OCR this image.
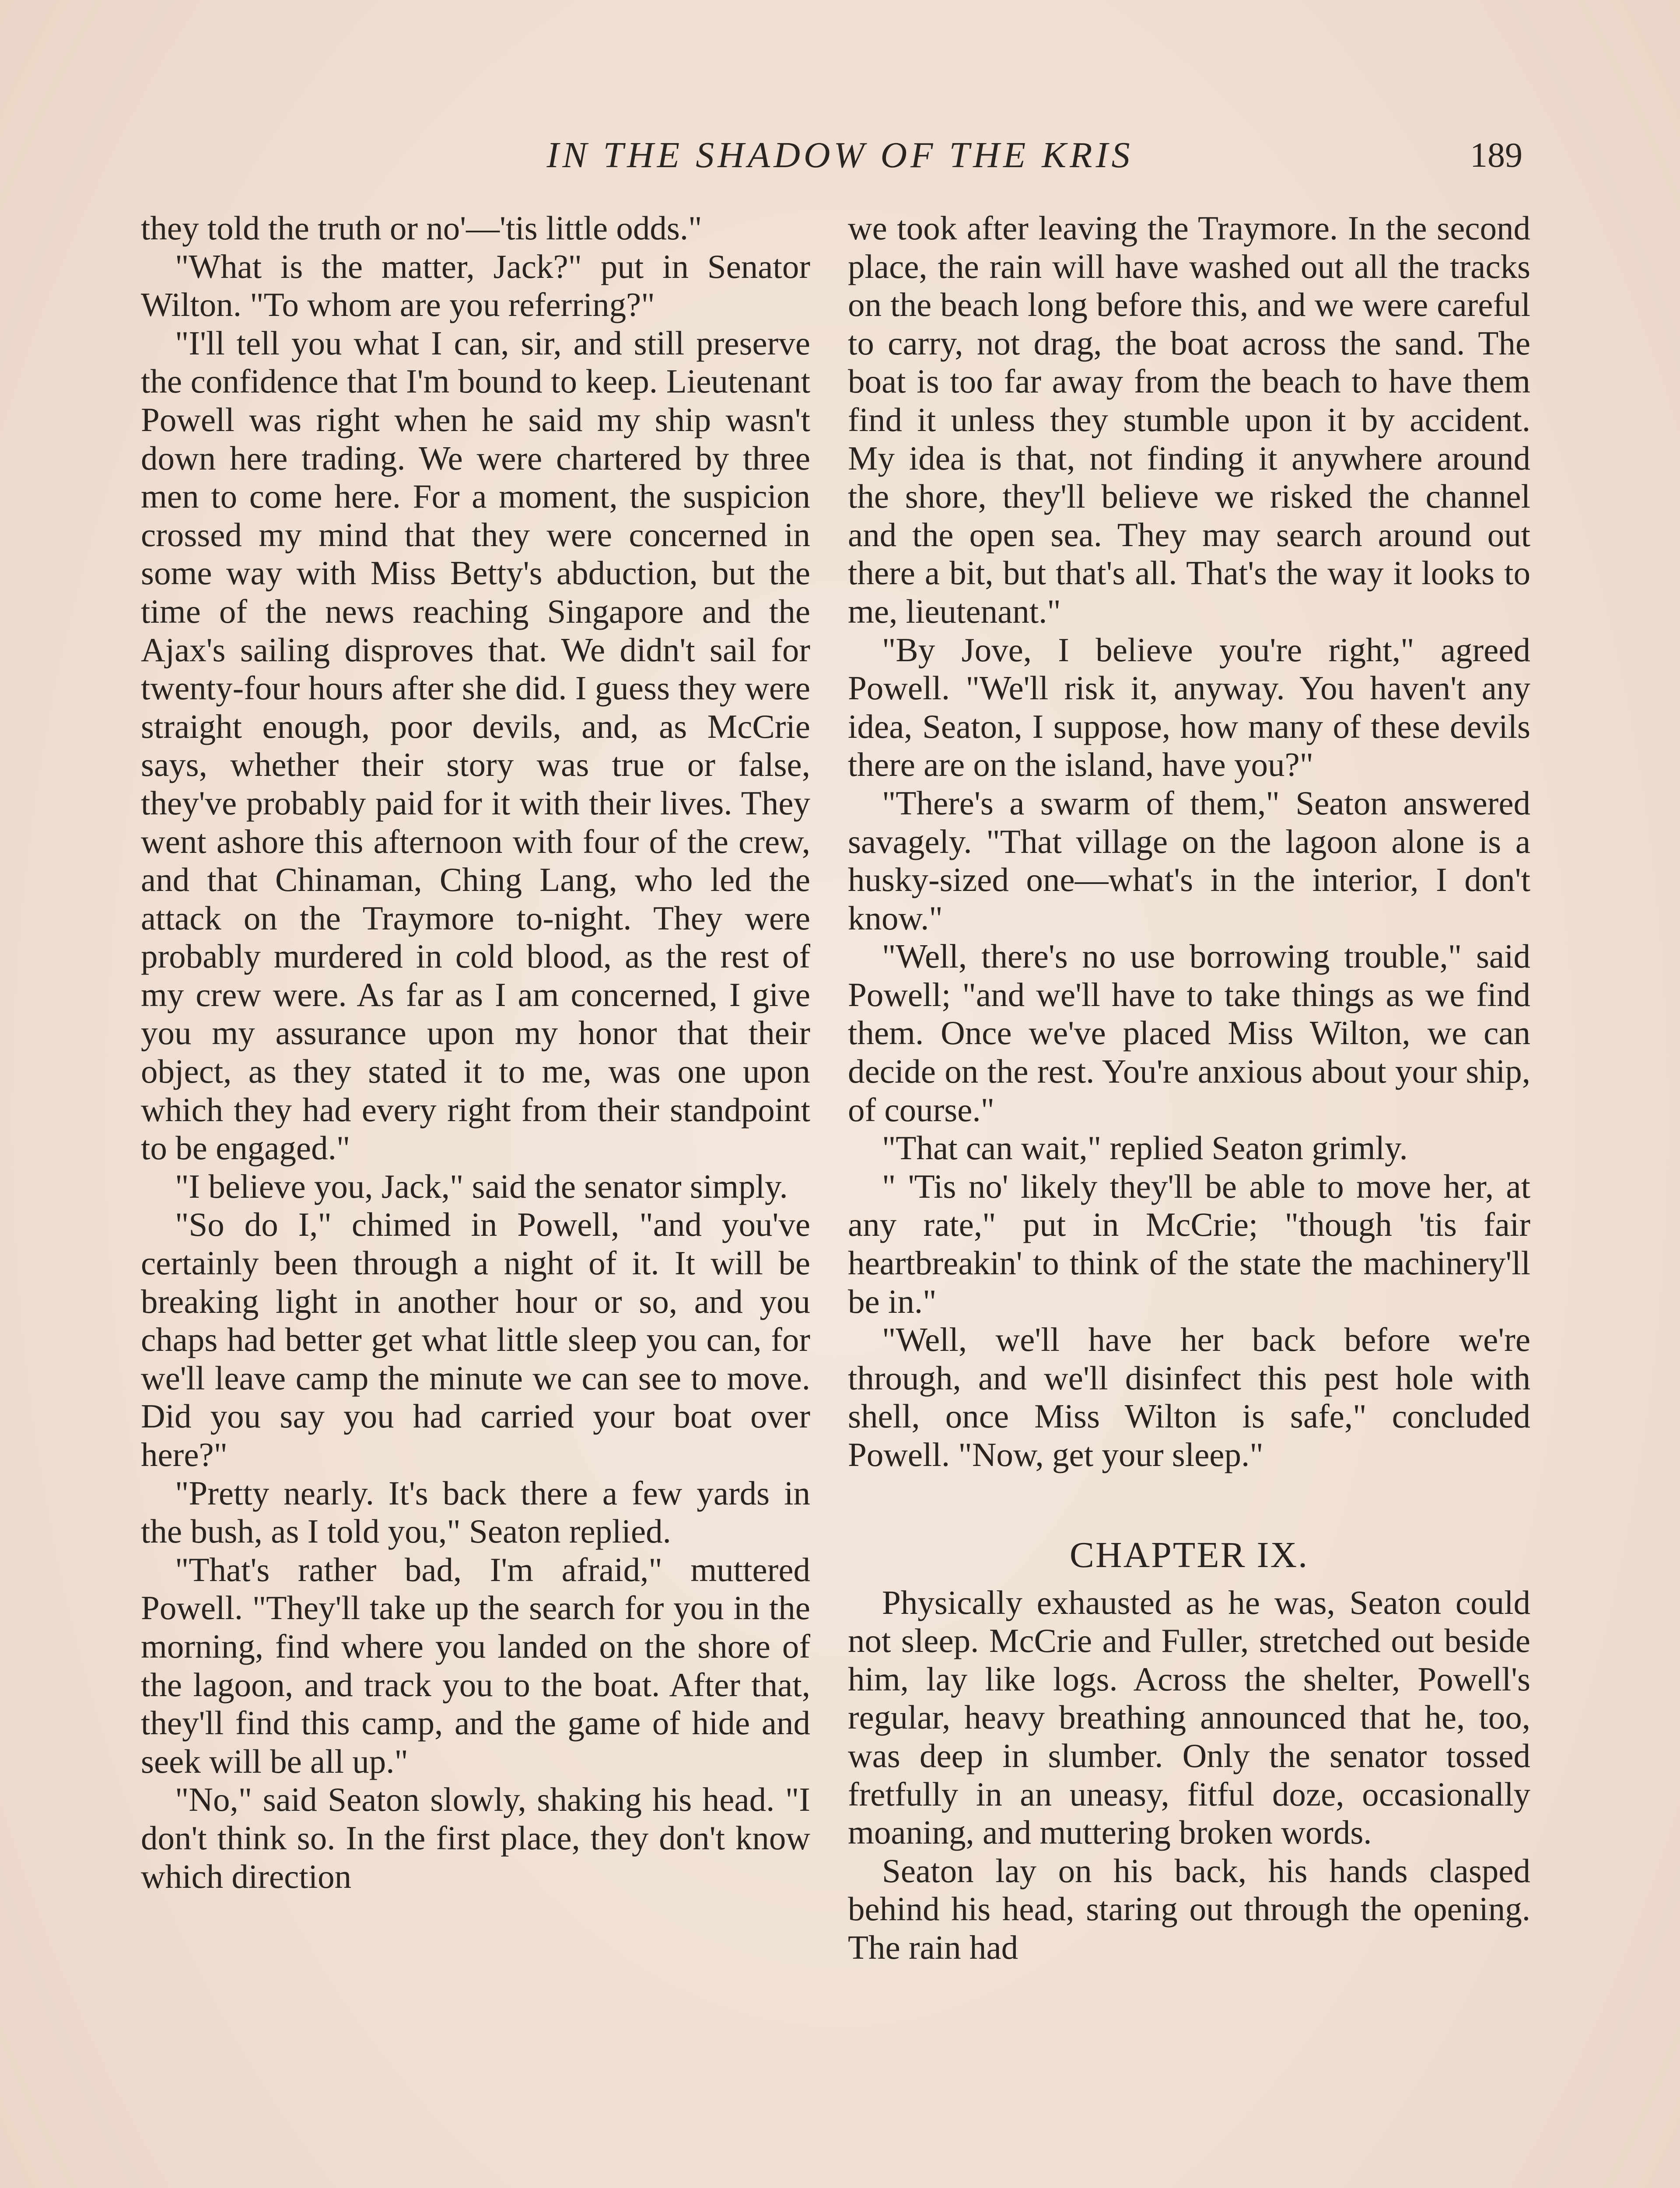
IN THE SHADOW OF THE KRIS	189

they told the truth or no'—'tis little odds."

"What is the matter, Jack?" put in Senator Wilton. "To whom are you referring?"

"I'll tell you what I can, sir, and still preserve the confidence that I'm bound to keep. Lieutenant Powell was right when he said my ship wasn't down here trading. We were chartered by three men to come here. For a moment, the suspicion crossed my mind that they were concerned in some way with Miss Betty's abduction, but the time of the news reaching Singapore and the Ajax's sailing disproves that. We didn't sail for twenty-four hours after she did. I guess they were straight enough, poor devils, and, as McCrie says, whether their story was true or false, they've probably paid for it with their lives. They went ashore this afternoon with four of the crew, and that Chinaman, Ching Lang, who led the attack on the Traymore to-night. They were probably murdered in cold blood, as the rest of my crew were. As far as I am concerned, I give you my assurance upon my honor that their object, as they stated it to me, was one upon which they had every right from their standpoint to be engaged."

"I believe you, Jack," said the senator simply.

"So do I," chimed in Powell, "and you've certainly been through a night of it. It will be breaking light in another hour or so, and you chaps had better get what little sleep you can, for we'll leave camp the minute we can see to move. Did you say you had carried your boat over here?"

"Pretty nearly. It's back there a few yards in the bush, as I told you," Seaton replied.

"That's rather bad, I'm afraid," muttered Powell. "They'll take up the search for you in the morning, find where you landed on the shore of the lagoon, and track you to the boat. After that, they'll find this camp, and the game of hide and seek will be all up."

"No," said Seaton slowly, shaking his head. "I don't think so. In the first place, they don't know which direction

we took after leaving the Traymore. In the second place, the rain will have washed out all the tracks on the beach long before this, and we were careful to carry, not drag, the boat across the sand. The boat is too far away from the beach to have them find it unless they stumble upon it by accident. My idea is that, not finding it anywhere around the shore, they'll believe we risked the channel and the open sea. They may search around out there a bit, but that's all. That's the way it looks to me, lieutenant."

"By Jove, I believe you're right," agreed Powell. "We'll risk it, anyway. You haven't any idea, Seaton, I suppose, how many of these devils there are on the island, have you?"

"There's a swarm of them," Seaton answered savagely. "That village on the lagoon alone is a husky-sized one—what's in the interior, I don't know."

"Well, there's no use borrowing trouble," said Powell; "and we'll have to take things as we find them. Once we've placed Miss Wilton, we can decide on the rest. You're anxious about your ship, of course."

"That can wait," replied Seaton grimly.

" 'Tis no' likely they'll be able to move her, at any rate," put in McCrie; "though 'tis fair heartbreakin' to think of the state the machinery'll be in."

"Well, we'll have her back before we're through, and we'll disinfect this pest hole with shell, once Miss Wilton is safe," concluded Powell. "Now, get your sleep."

CHAPTER IX.

Physically exhausted as he was, Seaton could not sleep. McCrie and Fuller, stretched out beside him, lay like logs. Across the shelter, Powell's regular, heavy breathing announced that he, too, was deep in slumber. Only the senator tossed fretfully in an uneasy, fitful doze, occasionally moaning, and muttering broken words.

Seaton lay on his back, his hands clasped behind his head, staring out through the opening. The rain had
